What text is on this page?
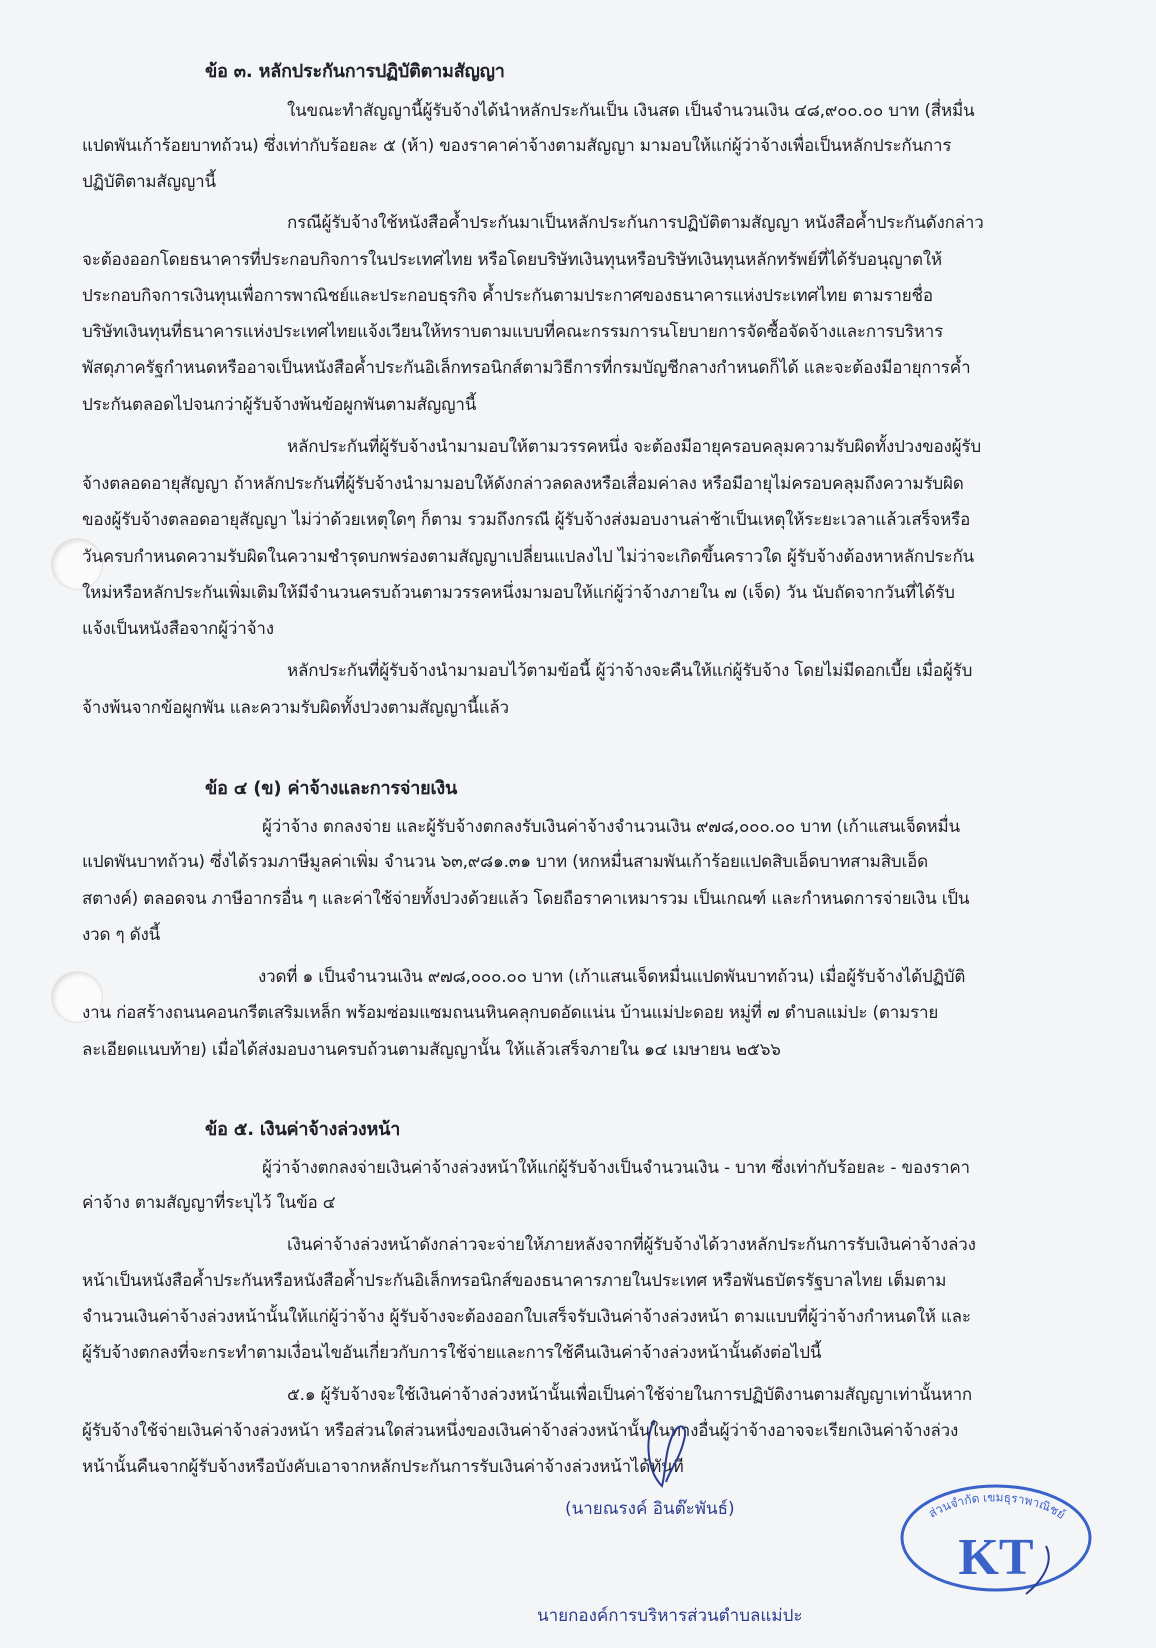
ข้อ ๓. หลักประกันการปฏิบัติตามสัญญา
ในขณะทำสัญญานี้ผู้รับจ้างได้นำหลักประกันเป็น เงินสด เป็นจำนวนเงิน ๔๘,๙๐๐.๐๐ บาท (สี่หมื่น
แปดพันเก้าร้อยบาทถ้วน) ซึ่งเท่ากับร้อยละ ๕ (ห้า) ของราคาค่าจ้างตามสัญญา มามอบให้แก่ผู้ว่าจ้างเพื่อเป็นหลักประกันการ
ปฏิบัติตามสัญญานี้
กรณีผู้รับจ้างใช้หนังสือค้ำประกันมาเป็นหลักประกันการปฏิบัติตามสัญญา หนังสือค้ำประกันดังกล่าว
จะต้องออกโดยธนาคารที่ประกอบกิจการในประเทศไทย หรือโดยบริษัทเงินทุนหรือบริษัทเงินทุนหลักทรัพย์ที่ได้รับอนุญาตให้
ประกอบกิจการเงินทุนเพื่อการพาณิชย์และประกอบธุรกิจ ค้ำประกันตามประกาศของธนาคารแห่งประเทศไทย ตามรายชื่อ
บริษัทเงินทุนที่ธนาคารแห่งประเทศไทยแจ้งเวียนให้ทราบตามแบบที่คณะกรรมการนโยบายการจัดซื้อจัดจ้างและการบริหาร
พัสดุภาครัฐกำหนดหรืออาจเป็นหนังสือค้ำประกันอิเล็กทรอนิกส์ตามวิธีการที่กรมบัญชีกลางกำหนดก็ได้ และจะต้องมีอายุการค้ำ
ประกันตลอดไปจนกว่าผู้รับจ้างพ้นข้อผูกพันตามสัญญานี้
หลักประกันที่ผู้รับจ้างนำมามอบให้ตามวรรคหนึ่ง จะต้องมีอายุครอบคลุมความรับผิดทั้งปวงของผู้รับ
จ้างตลอดอายุสัญญา ถ้าหลักประกันที่ผู้รับจ้างนำมามอบให้ดังกล่าวลดลงหรือเสื่อมค่าลง หรือมีอายุไม่ครอบคลุมถึงความรับผิด
ของผู้รับจ้างตลอดอายุสัญญา ไม่ว่าด้วยเหตุใดๆ ก็ตาม รวมถึงกรณี ผู้รับจ้างส่งมอบงานล่าช้าเป็นเหตุให้ระยะเวลาแล้วเสร็จหรือ
วันครบกำหนดความรับผิดในความชำรุดบกพร่องตามสัญญาเปลี่ยนแปลงไป ไม่ว่าจะเกิดขึ้นคราวใด ผู้รับจ้างต้องหาหลักประกัน
ใหม่หรือหลักประกันเพิ่มเติมให้มีจำนวนครบถ้วนตามวรรคหนึ่งมามอบให้แก่ผู้ว่าจ้างภายใน ๗ (เจ็ด) วัน นับถัดจากวันที่ได้รับ
แจ้งเป็นหนังสือจากผู้ว่าจ้าง
หลักประกันที่ผู้รับจ้างนำมามอบไว้ตามข้อนี้ ผู้ว่าจ้างจะคืนให้แก่ผู้รับจ้าง โดยไม่มีดอกเบี้ย เมื่อผู้รับ
จ้างพ้นจากข้อผูกพัน และความรับผิดทั้งปวงตามสัญญานี้แล้ว
ข้อ ๔ (ข) ค่าจ้างและการจ่ายเงิน
ผู้ว่าจ้าง ตกลงจ่าย และผู้รับจ้างตกลงรับเงินค่าจ้างจำนวนเงิน ๙๗๘,๐๐๐.๐๐ บาท (เก้าแสนเจ็ดหมื่น
แปดพันบาทถ้วน) ซึ่งได้รวมภาษีมูลค่าเพิ่ม จำนวน ๖๓,๙๘๑.๓๑ บาท (หกหมื่นสามพันเก้าร้อยแปดสิบเอ็ดบาทสามสิบเอ็ด
สตางค์) ตลอดจน ภาษีอากรอื่น ๆ และค่าใช้จ่ายทั้งปวงด้วยแล้ว โดยถือราคาเหมารวม เป็นเกณฑ์ และกำหนดการจ่ายเงิน เป็น
งวด ๆ ดังนี้
งวดที่ ๑ เป็นจำนวนเงิน ๙๗๘,๐๐๐.๐๐ บาท (เก้าแสนเจ็ดหมื่นแปดพันบาทถ้วน) เมื่อผู้รับจ้างได้ปฏิบัติ
งาน ก่อสร้างถนนคอนกรีตเสริมเหล็ก พร้อมซ่อมแซมถนนหินคลุกบดอัดแน่น บ้านแม่ปะดอย หมู่ที่ ๗ ตำบลแม่ปะ (ตามราย
ละเอียดแนบท้าย) เมื่อได้ส่งมอบงานครบถ้วนตามสัญญานั้น ให้แล้วเสร็จภายใน ๑๔ เมษายน ๒๕๖๖
ข้อ ๕. เงินค่าจ้างล่วงหน้า
ผู้ว่าจ้างตกลงจ่ายเงินค่าจ้างล่วงหน้าให้แก่ผู้รับจ้างเป็นจำนวนเงิน - บาท ซึ่งเท่ากับร้อยละ - ของราคา
ค่าจ้าง ตามสัญญาที่ระบุไว้ ในข้อ ๔
เงินค่าจ้างล่วงหน้าดังกล่าวจะจ่ายให้ภายหลังจากที่ผู้รับจ้างได้วางหลักประกันการรับเงินค่าจ้างล่วง
หน้าเป็นหนังสือค้ำประกันหรือหนังสือค้ำประกันอิเล็กทรอนิกส์ของธนาคารภายในประเทศ หรือพันธบัตรรัฐบาลไทย เต็มตาม
จำนวนเงินค่าจ้างล่วงหน้านั้นให้แก่ผู้ว่าจ้าง ผู้รับจ้างจะต้องออกใบเสร็จรับเงินค่าจ้างล่วงหน้า ตามแบบที่ผู้ว่าจ้างกำหนดให้ และ
ผู้รับจ้างตกลงที่จะกระทำตามเงื่อนไขอันเกี่ยวกับการใช้จ่ายและการใช้คืนเงินค่าจ้างล่วงหน้านั้นดังต่อไปนี้
๕.๑ ผู้รับจ้างจะใช้เงินค่าจ้างล่วงหน้านั้นเพื่อเป็นค่าใช้จ่ายในการปฏิบัติงานตามสัญญาเท่านั้นหาก
ผู้รับจ้างใช้จ่ายเงินค่าจ้างล่วงหน้า หรือส่วนใดส่วนหนึ่งของเงินค่าจ้างล่วงหน้านั้นในทางอื่นผู้ว่าจ้างอาจจะเรียกเงินค่าจ้างล่วง
หน้านั้นคืนจากผู้รับจ้างหรือบังคับเอาจากหลักประกันการรับเงินค่าจ้างล่วงหน้าได้ทันที
ส่วนจำกัด เขมธุราพาณิชย์
KT
(นายณรงค์ อินต๊ะพันธ์)
นายกองค์การบริหารส่วนตำบลแม่ปะ
